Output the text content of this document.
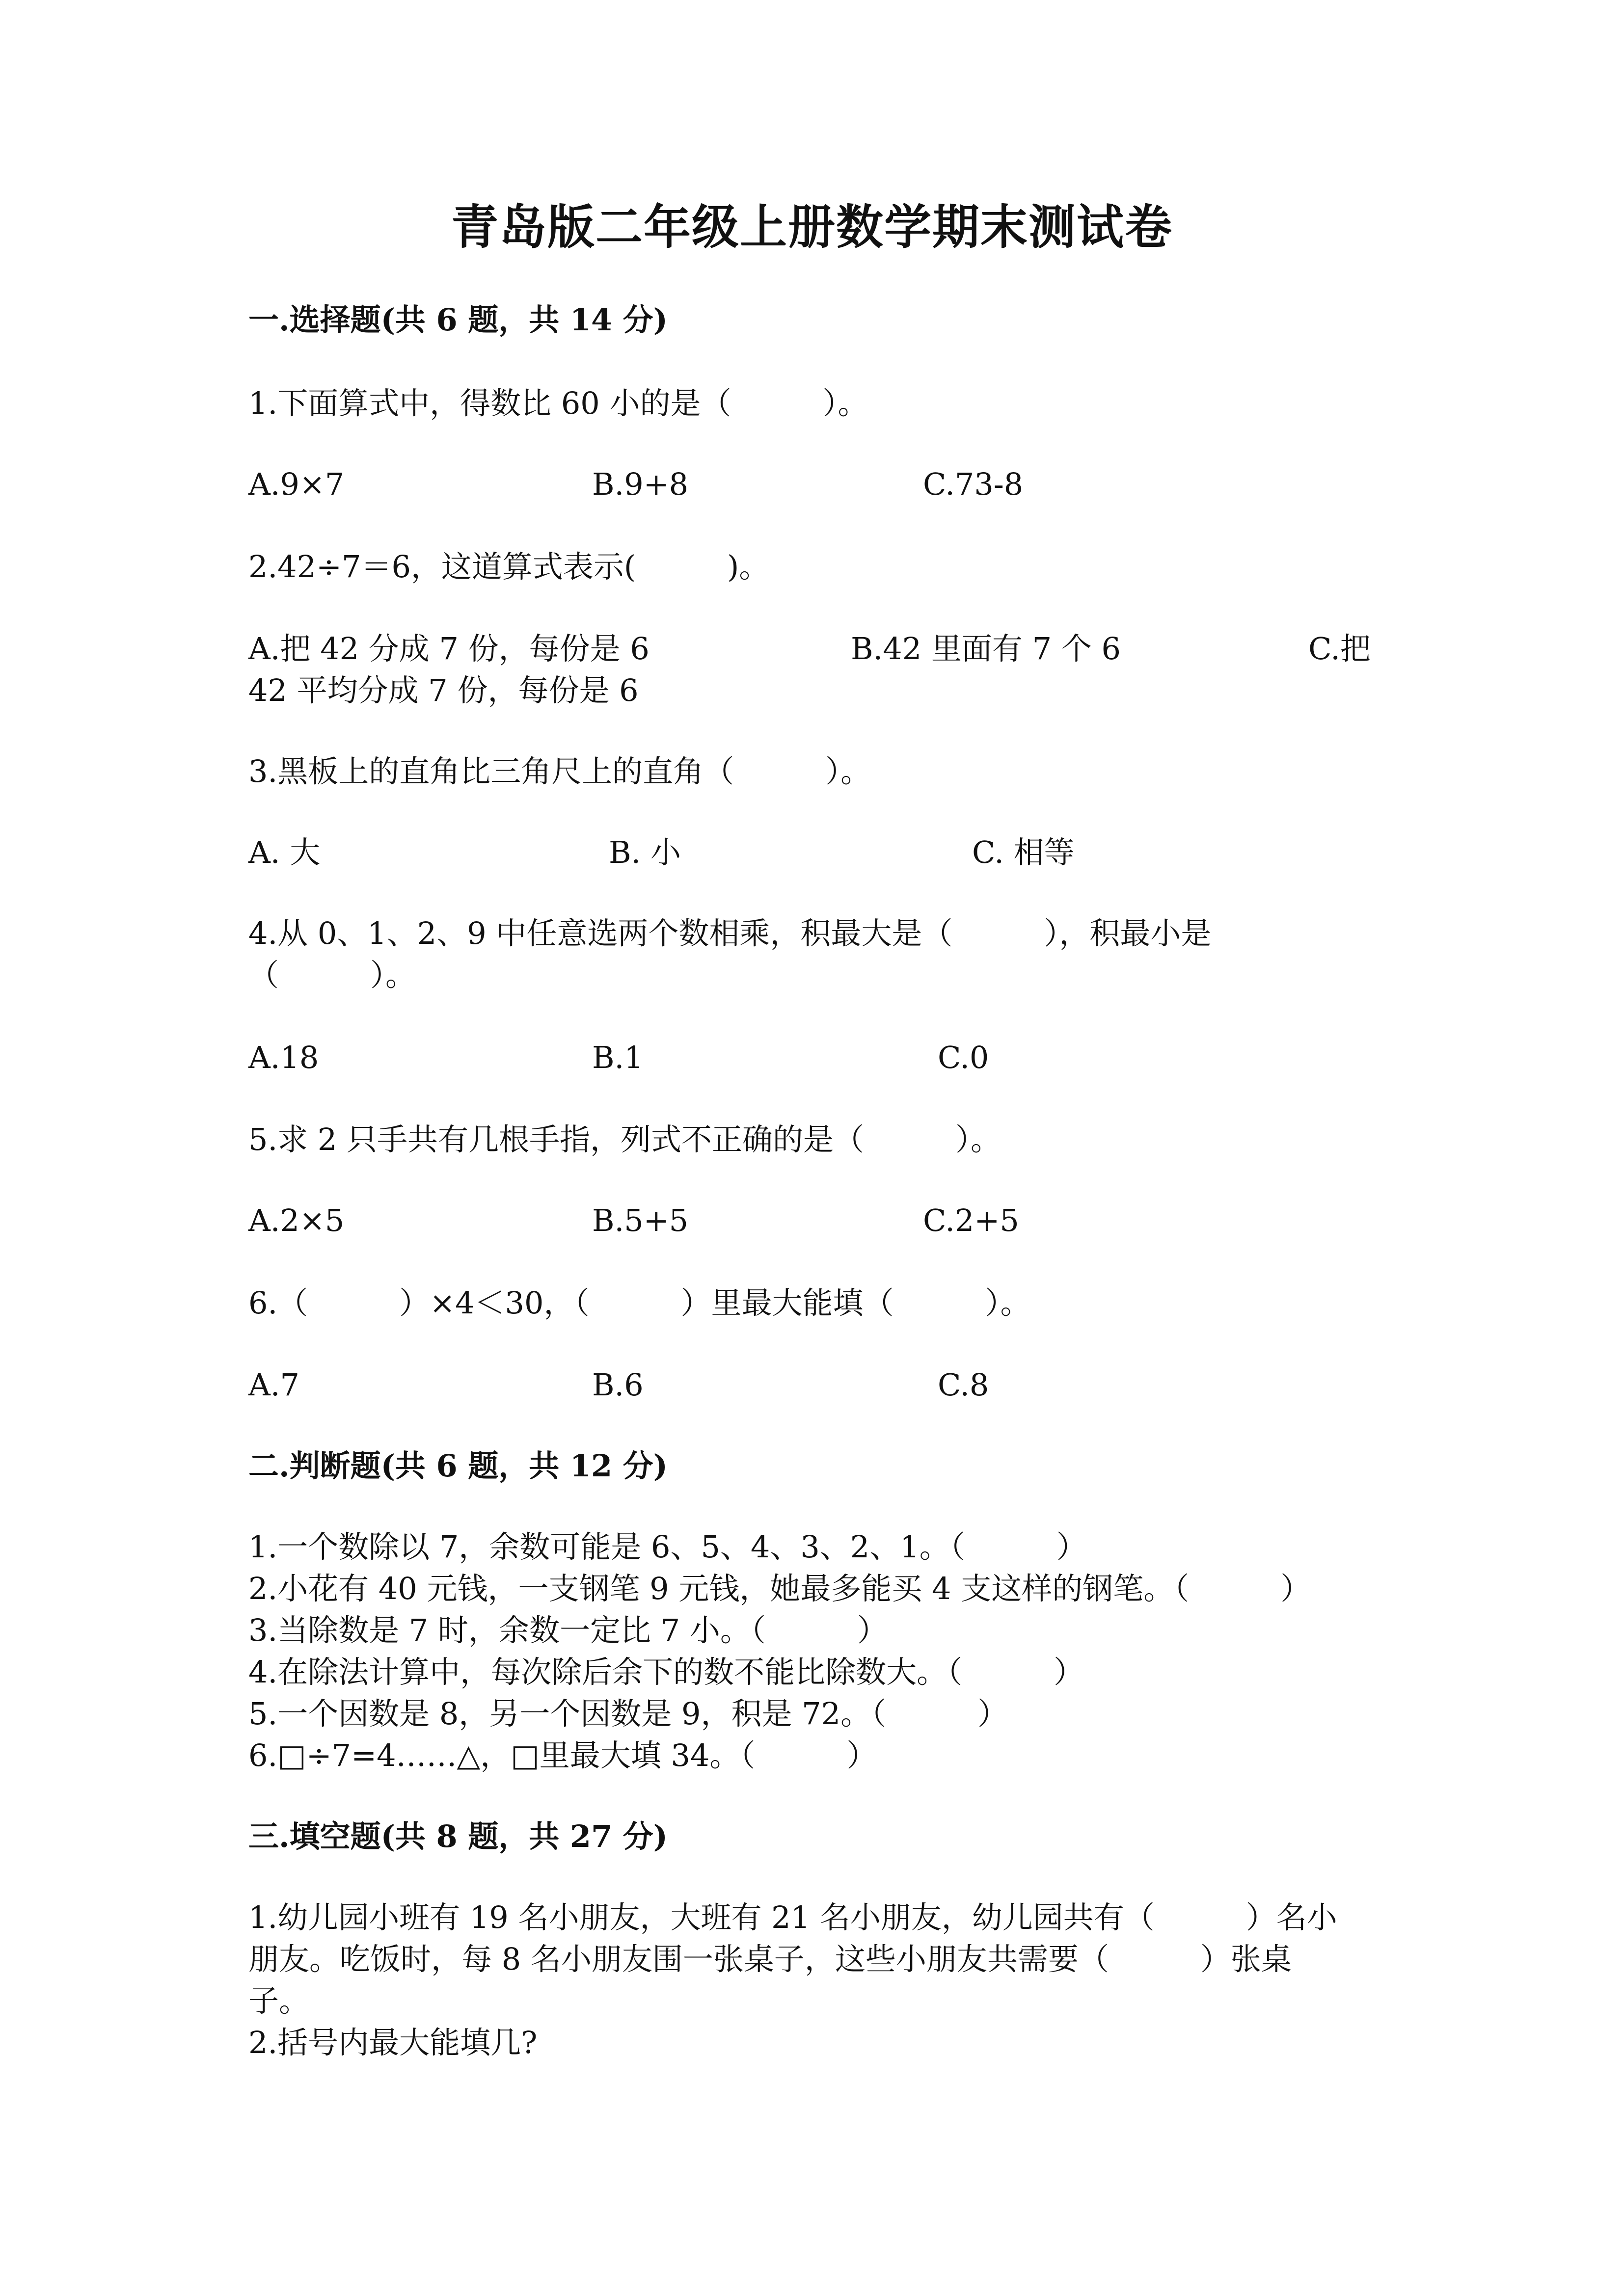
青岛版二年级上册数学期末测试卷
一.选择题(共 6 题，共 14 分)
1.下面算式中，得数比 60 小的是（　　　）。
A.9×7	B.9+8	C.73-8
2.42÷7＝6，这道算式表示(　　　)。
A.把 42 分成 7 份，每份是 6	B.42 里面有 7 个 6	C.把
42 平均分成 7 份，每份是 6
3.黑板上的直角比三角尺上的直角（　　　）。
A. 大	B. 小	C. 相等
4.从 0、1、2、9 中任意选两个数相乘，积最大是（　　　），积最小是
（　　　）。
A.18	B.1	C.0
5.求 2 只手共有几根手指，列式不正确的是（　　　）。
A.2×5	B.5+5	C.2+5
6.（　　　）×4＜30，（　　　）里最大能填（　　　）。
A.7	B.6	C.8
二.判断题(共 6 题，共 12 分)
1.一个数除以 7，余数可能是 6、5、4、3、2、1。（　　　）
2.小花有 40 元钱，一支钢笔 9 元钱，她最多能买 4 支这样的钢笔。（　　　）
3.当除数是 7 时，余数一定比 7 小。（　　　）
4.在除法计算中，每次除后余下的数不能比除数大。（　　　）
5.一个因数是 8，另一个因数是 9，积是 72。（　　　）
6.□÷7=4……△，□里最大填 34。（　　　）
三.填空题(共 8 题，共 27 分)
1.幼儿园小班有 19 名小朋友，大班有 21 名小朋友，幼儿园共有（　　　）名小
朋友。吃饭时，每 8 名小朋友围一张桌子，这些小朋友共需要（　　　）张桌
子。
2.括号内最大能填几?
